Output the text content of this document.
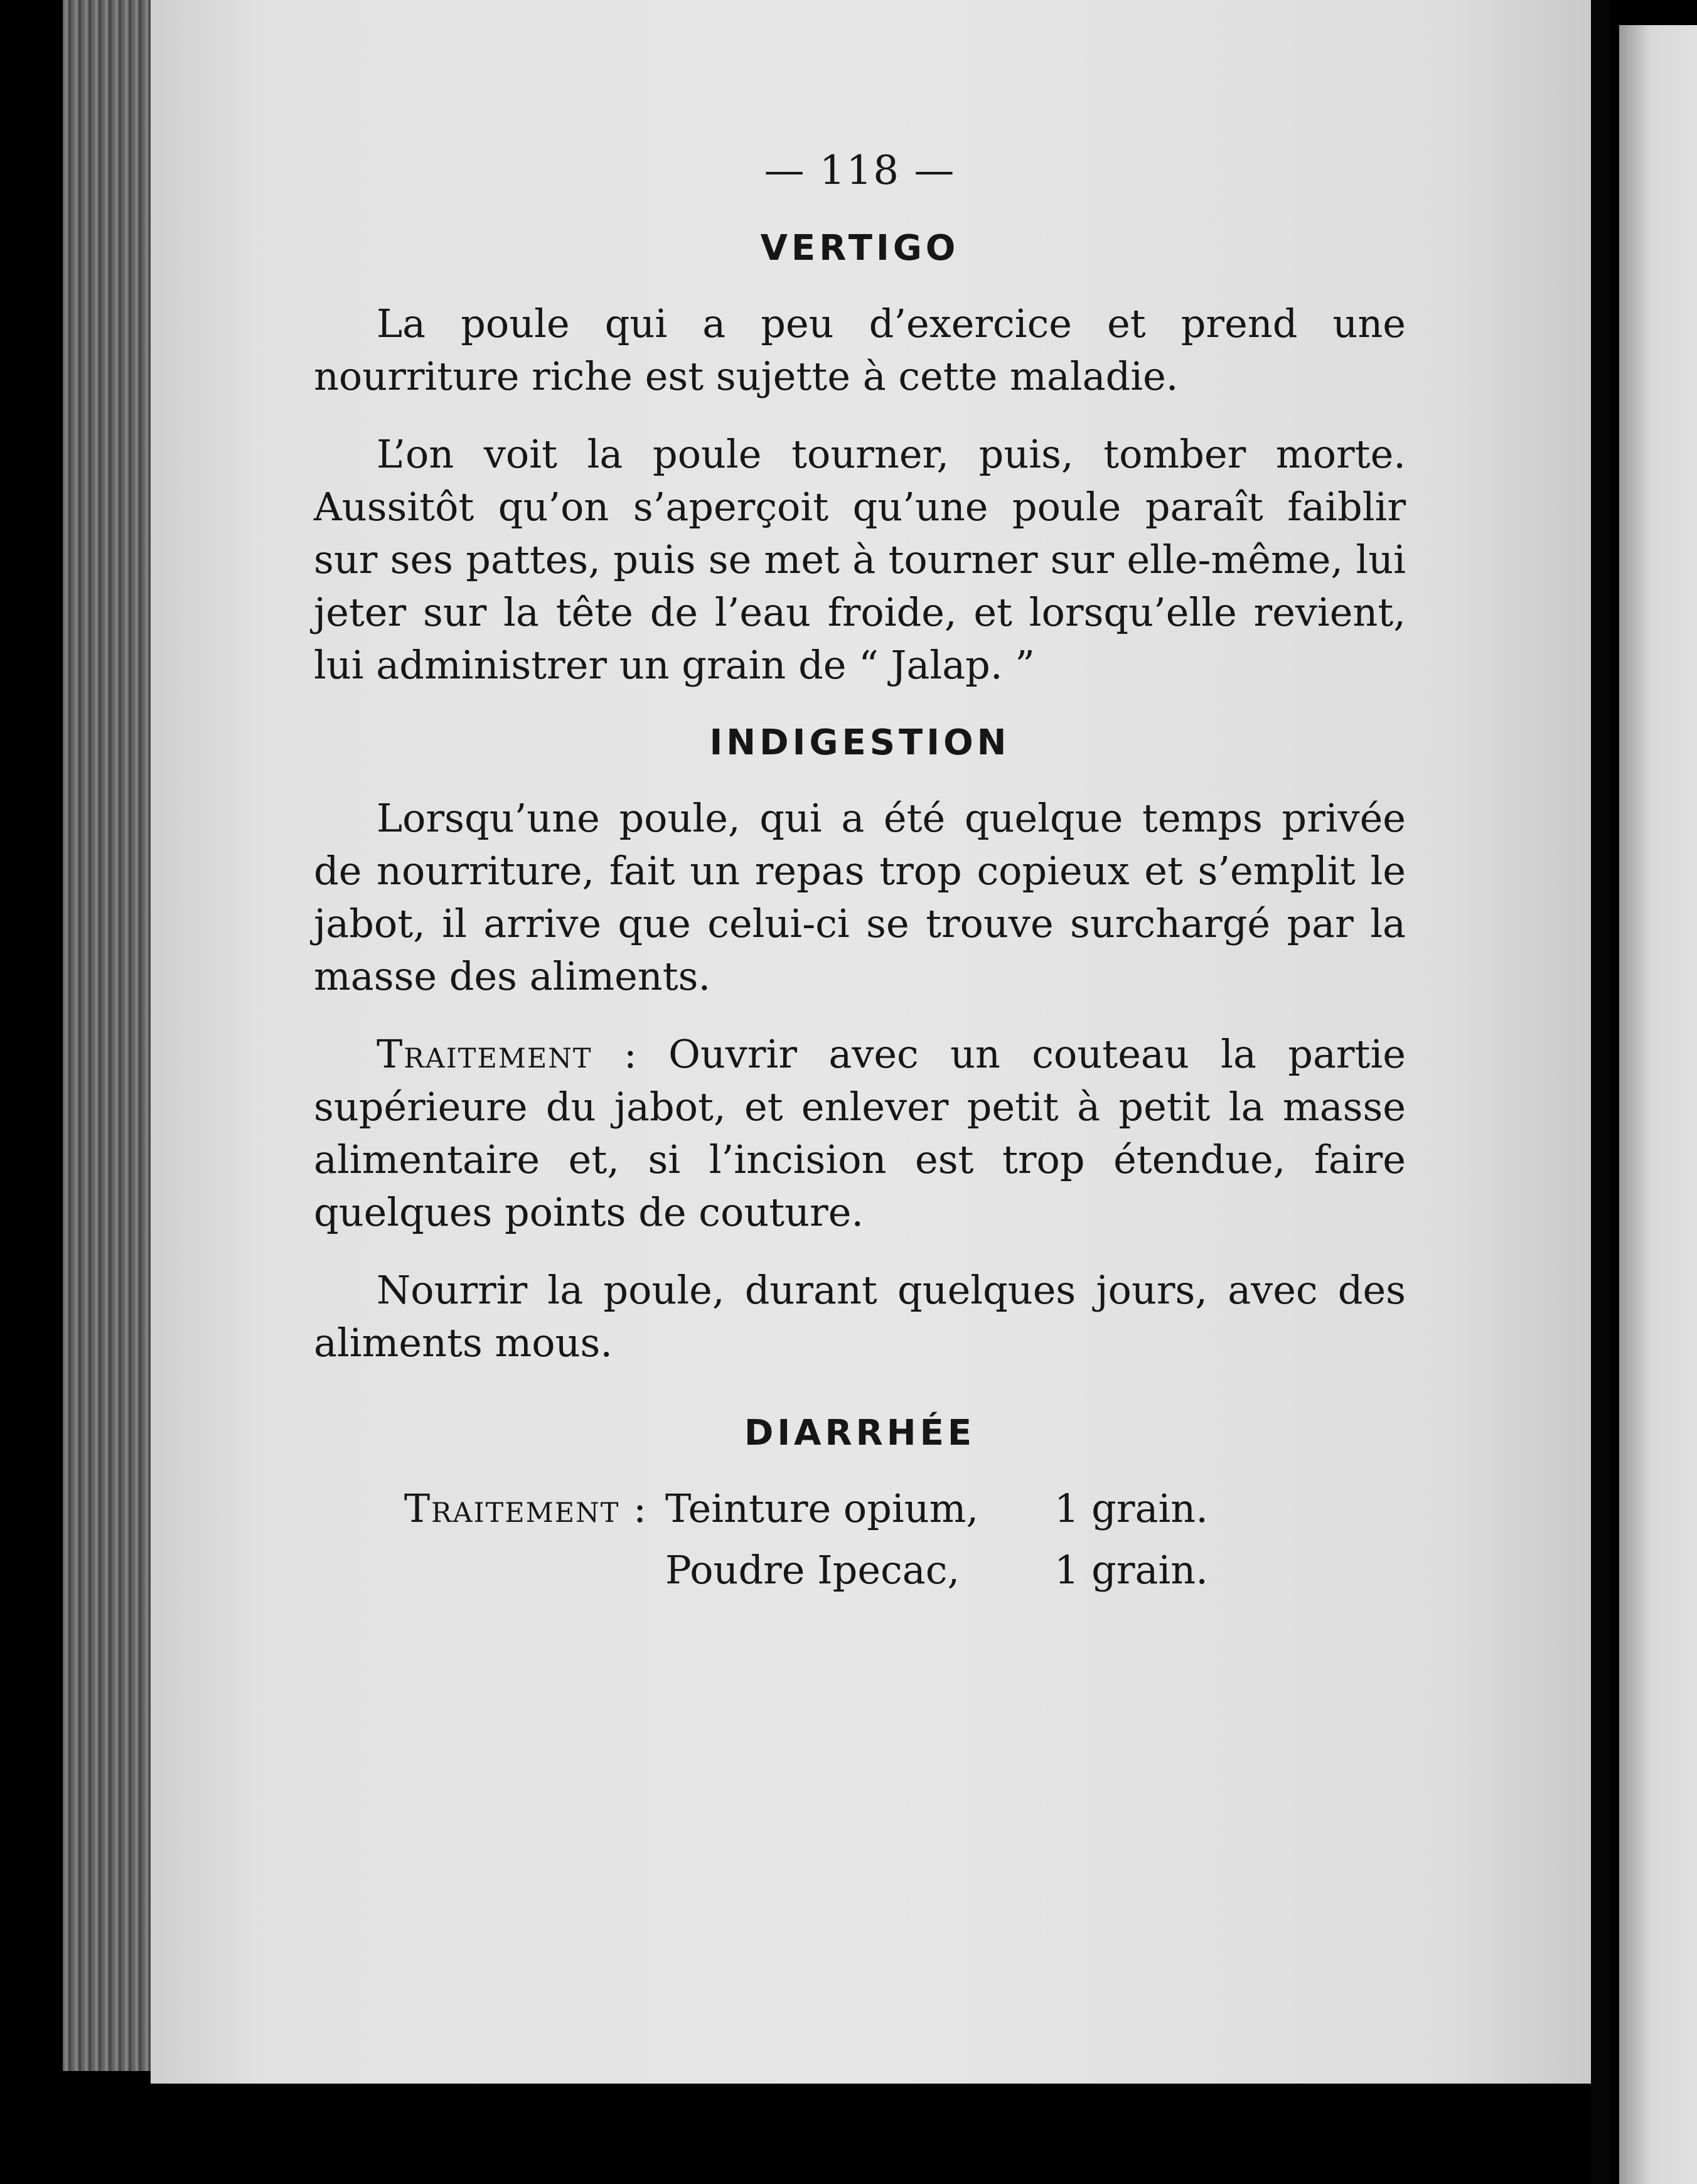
— 118 —
VERTIGO

La poule qui a peu d’exercice et prend une nourriture riche est sujette à cette maladie.

L’on voit la poule tourner, puis, tomber morte. Aussitôt qu’on s’aperçoit qu’une poule paraît faiblir sur ses pattes, puis se met à tourner sur elle-même, lui jeter sur la tête de l’eau froide, et lorsqu’elle revient, lui administrer un grain de “ Jalap. ”

INDIGESTION

Lorsqu’une poule, qui a été quelque temps privée de nourriture, fait un repas trop copieux et s’emplit le jabot, il arrive que celui-ci se trouve surchargé par la masse des aliments.

Traitement : Ouvrir avec un couteau la partie supérieure du jabot, et enlever petit à petit la masse alimentaire et, si l’incision est trop étendue, faire quelques points de couture.

Nourrir la poule, durant quelques jours, avec des aliments mous.

DIARRHÉE
Traitement : Teinture opium,	1 grain.
Poudre Ipecac,	1 grain.
